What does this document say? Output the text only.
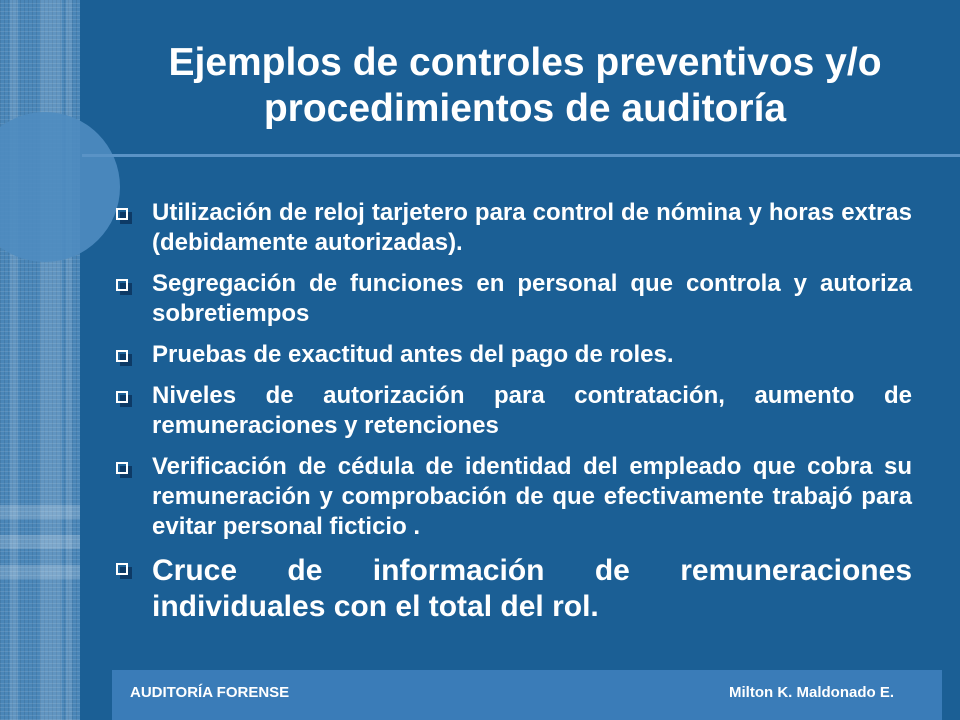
Ejemplos de controles preventivos y/o procedimientos de auditoría
Utilización de reloj tarjetero para control de nómina y horas extras (debidamente autorizadas).
Segregación de funciones en personal que controla y autoriza sobretiempos
Pruebas de exactitud antes del pago de roles.
Niveles de autorización para contratación, aumento de remuneraciones y retenciones
Verificación de cédula de identidad del empleado que cobra su remuneración y comprobación de que efectivamente trabajó para evitar personal ficticio .
Cruce de información de remuneraciones individuales con el total del rol.
AUDITORÍA FORENSE	Milton K. Maldonado E.
